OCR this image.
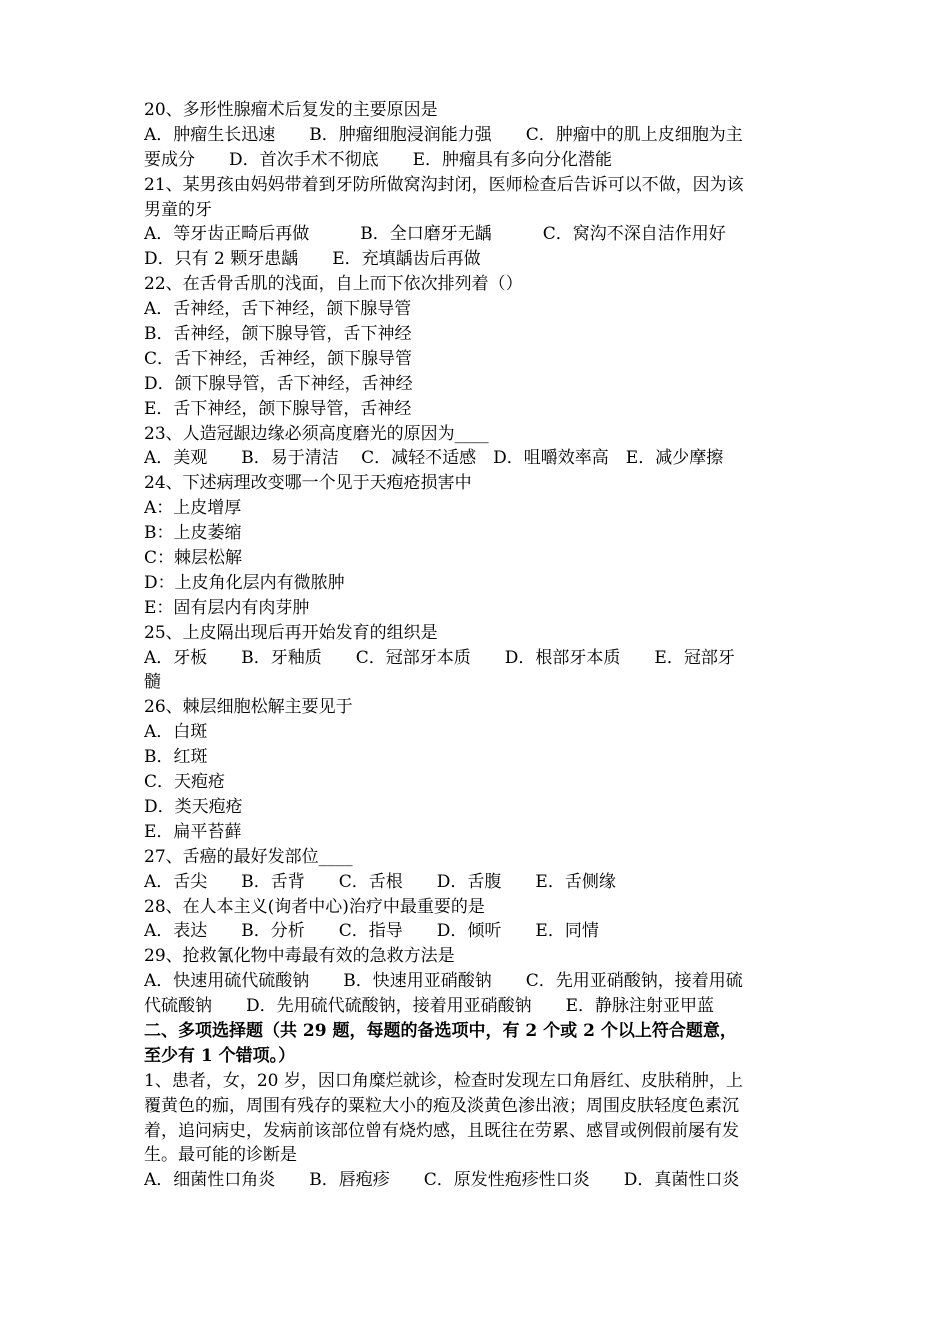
20、多形性腺瘤术后复发的主要原因是
A．肿瘤生长迅速　　B．肿瘤细胞浸润能力强　　C．肿瘤中的肌上皮细胞为主
要成分　　D．首次手术不彻底　　E．肿瘤具有多向分化潜能
21、某男孩由妈妈带着到牙防所做窝沟封闭，医师检查后告诉可以不做，因为该
男童的牙
A．等牙齿正畸后再做　　　B．全口磨牙无龋　　　C．窝沟不深自洁作用好
D．只有 2 颗牙患龋　　E．充填龋齿后再做
22、在舌骨舌肌的浅面，自上而下依次排列着（）
A．舌神经，舌下神经，颌下腺导管
B．舌神经，颌下腺导管，舌下神经
C．舌下神经，舌神经，颌下腺导管
D．颌下腺导管，舌下神经，舌神经
E．舌下神经，颌下腺导管，舌神经
23、人造冠龈边缘必须高度磨光的原因为____
A．美观　　B．易于清洁　 C．减轻不适感　D．咀嚼效率高　E．减少摩擦
24、下述病理改变哪一个见于天疱疮损害中
A：上皮增厚
B：上皮萎缩
C：棘层松解
D：上皮角化层内有微脓肿
E：固有层内有肉芽肿
25、上皮隔出现后再开始发育的组织是
A．牙板　　B．牙釉质　　C．冠部牙本质　　D．根部牙本质　　E．冠部牙
髓
26、棘层细胞松解主要见于
A．白斑
B．红斑
C．天疱疮
D．类天疱疮
E．扁平苔藓
27、舌癌的最好发部位____
A．舌尖　　B．舌背　　C．舌根　　D．舌腹　　E．舌侧缘
28、在人本主义(询者中心)治疗中最重要的是
A．表达　　B．分析　　C．指导　　D．倾听　　E．同情
29、抢救氰化物中毒最有效的急救方法是
A．快速用硫代硫酸钠　　B．快速用亚硝酸钠　　C．先用亚硝酸钠，接着用硫
代硫酸钠　　D．先用硫代硫酸钠，接着用亚硝酸钠　　E．静脉注射亚甲蓝
二、多项选择题（共 29 题，每题的备选项中，有 2 个或 2 个以上符合题意，
至少有 1 个错项。）
1、患者，女，20 岁，因口角糜烂就诊，检查时发现左口角唇红、皮肤稍肿，上
覆黄色的痂，周围有残存的粟粒大小的疱及淡黄色渗出液；周围皮肤轻度色素沉
着，追问病史，发病前该部位曾有烧灼感，且既往在劳累、感冒或例假前屡有发
生。最可能的诊断是
A．细菌性口角炎　　B．唇疱疹　　C．原发性疱疹性口炎　　D．真菌性口炎
